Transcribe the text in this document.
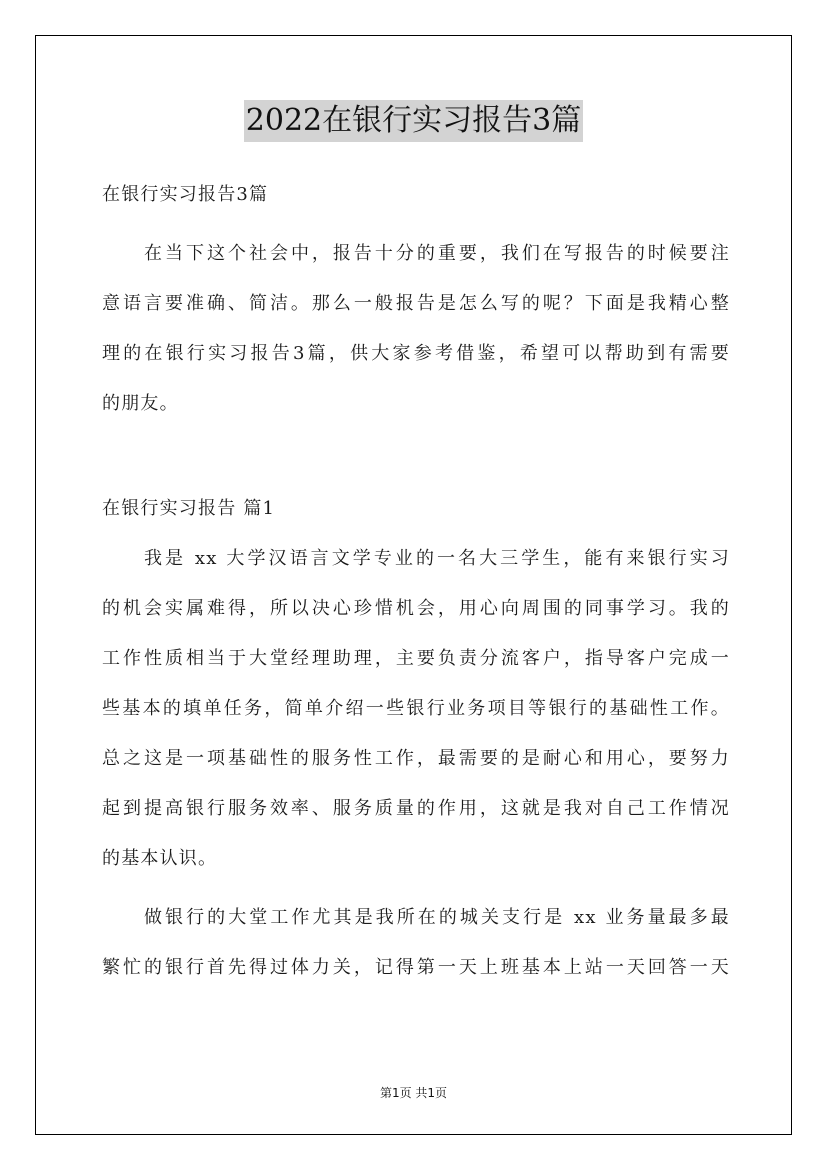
2022在银行实习报告3篇

在银行实习报告3篇

在当下这个社会中，报告十分的重要，我们在写报告的时候要注

意语言要准确、简洁。那么一般报告是怎么写的呢？下面是我精心整

理的在银行实习报告3篇，供大家参考借鉴，希望可以帮助到有需要

的朋友。

在银行实习报告 篇1

我是 xx 大学汉语言文学专业的一名大三学生，能有来银行实习

的机会实属难得，所以决心珍惜机会，用心向周围的同事学习。我的

工作性质相当于大堂经理助理，主要负责分流客户，指导客户完成一

些基本的填单任务，简单介绍一些银行业务项目等银行的基础性工作。

总之这是一项基础性的服务性工作，最需要的是耐心和用心，要努力

起到提高银行服务效率、服务质量的作用，这就是我对自己工作情况

的基本认识。

做银行的大堂工作尤其是我所在的城关支行是 xx 业务量最多最

繁忙的银行首先得过体力关，记得第一天上班基本上站一天回答一天

第1页 共1页
